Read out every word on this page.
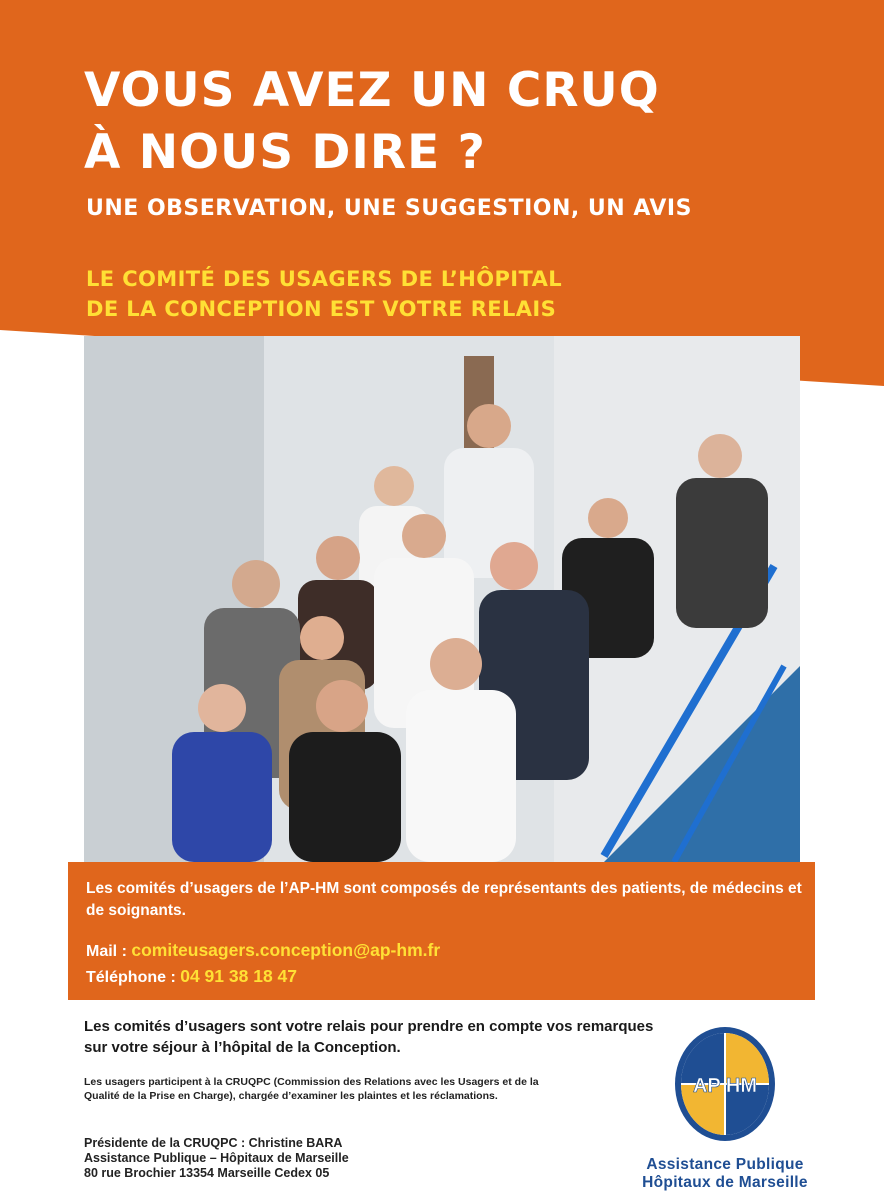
VOUS AVEZ UN CRUQ
À NOUS DIRE ?

UNE OBSERVATION, UNE SUGGESTION, UN AVIS

LE COMITÉ DES USAGERS DE L’HÔPITAL
DE LA CONCEPTION EST VOTRE RELAIS

Les comités d’usagers de l’AP-HM sont composés de représentants des patients, de médecins et de soignants.
Mail : comiteusagers.conception@ap-hm.fr
Téléphone : 04 91 38 18 47
Les comités d’usagers sont votre relais pour prendre en compte vos remarques sur votre séjour à l’hôpital de la Conception.
Les usagers participent à la CRUQPC (Commission des Relations avec les Usagers et de la Qualité de la Prise en Charge), chargée d’examiner les plaintes et les réclamations.
Présidente de la CRUQPC : Christine BARA
Assistance Publique – Hôpitaux de Marseille
80 rue Brochier 13354 Marseille Cedex 05
AP HM
Assistance Publique
Hôpitaux de Marseille
